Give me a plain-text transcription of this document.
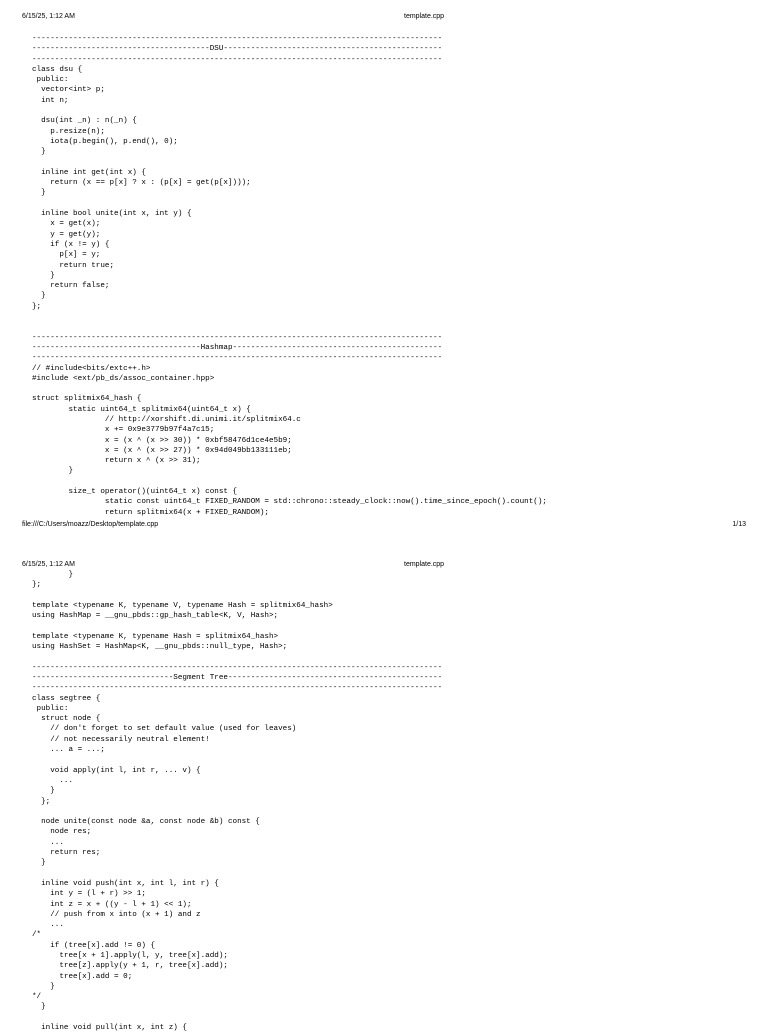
6/15/25, 1:12 AM	template.cpp
------------------------------------------------------------------------------------------
---------------------------------------DSU------------------------------------------------
------------------------------------------------------------------------------------------
class dsu {
public:
vector<int> p;
int n;

dsu(int _n) : n(_n) {
p.resize(n);
iota(p.begin(), p.end(), 0);
}

inline int get(int x) {
return (x == p[x] ? x : (p[x] = get(p[x])));
}

inline bool unite(int x, int y) {
x = get(x);
y = get(y);
if (x != y) {
p[x] = y;
return true;
}
return false;
}
};

------------------------------------------------------------------------------------------
-------------------------------------Hashmap----------------------------------------------
------------------------------------------------------------------------------------------
// #include<bits/extc++.h>
#include <ext/pb_ds/assoc_container.hpp>

struct splitmix64_hash {
static uint64_t splitmix64(uint64_t x) {
// http://xorshift.di.unimi.it/splitmix64.c
x += 0x9e3779b97f4a7c15;
x = (x ^ (x >> 30)) * 0xbf58476d1ce4e5b9;
x = (x ^ (x >> 27)) * 0x94d049bb133111eb;
return x ^ (x >> 31);
}

size_t operator()(uint64_t x) const {
static const uint64_t FIXED_RANDOM = std::chrono::steady_clock::now().time_since_epoch().count();
return splitmix64(x + FIXED_RANDOM);
file:///C:/Users/moazz/Desktop/template.cpp	1/13
6/15/25, 1:12 AM	template.cpp
}
};

template <typename K, typename V, typename Hash = splitmix64_hash>
using HashMap = __gnu_pbds::gp_hash_table<K, V, Hash>;

template <typename K, typename Hash = splitmix64_hash>
using HashSet = HashMap<K, __gnu_pbds::null_type, Hash>;

------------------------------------------------------------------------------------------
-------------------------------Segment Tree-----------------------------------------------
------------------------------------------------------------------------------------------
class segtree {
public:
struct node {
// don't forget to set default value (used for leaves)
// not necessarily neutral element!
... a = ...;

void apply(int l, int r, ... v) {
...
}
};

node unite(const node &a, const node &b) const {
node res;
...
return res;
}

inline void push(int x, int l, int r) {
int y = (l + r) >> 1;
int z = x + ((y - l + 1) << 1);
// push from x into (x + 1) and z
...
/*
if (tree[x].add != 0) {
tree[x + 1].apply(l, y, tree[x].add);
tree[z].apply(y + 1, r, tree[x].add);
tree[x].add = 0;
}
*/
}

inline void pull(int x, int z) {
